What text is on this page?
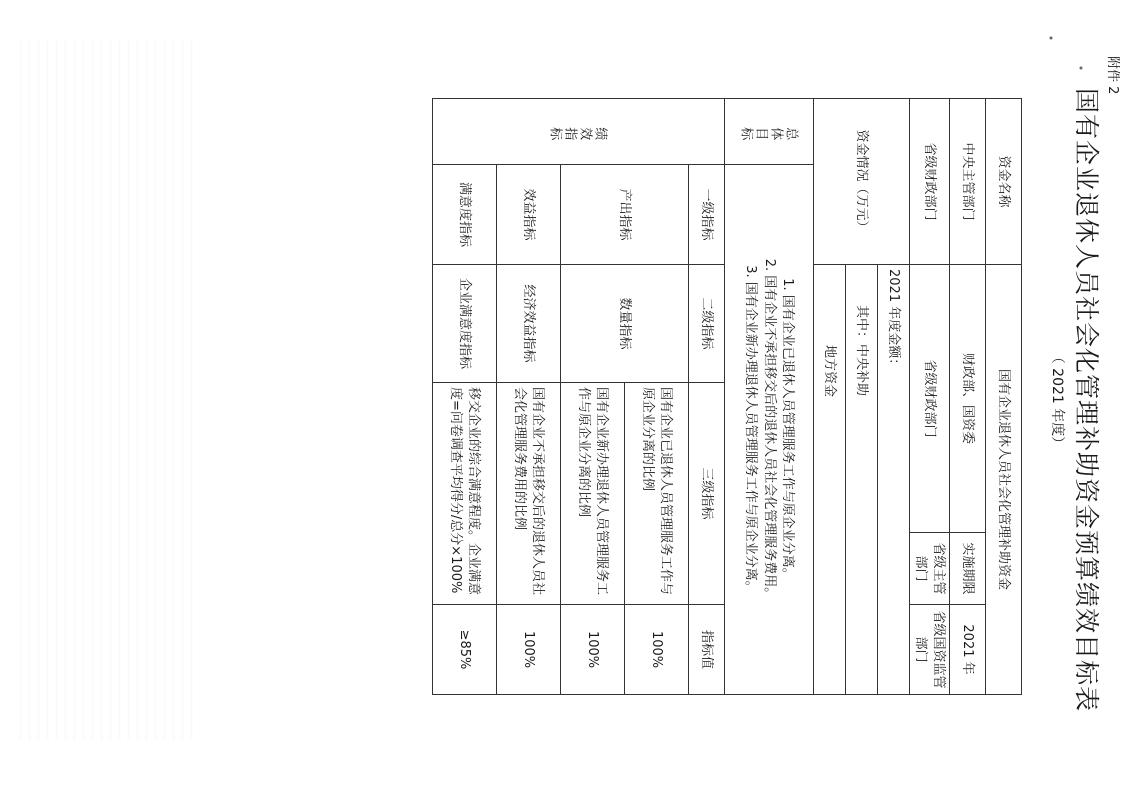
附件 2
国有企业退休人员社会化管理补助资金预算绩效目标表
（ 2021 年度）
资金名称		国有企业退休人员社会化管理补助资金			
中央主管部门		财政部、国资委		实施期限	2021 年
省级财政部门		省级财政部门		省级主管部门	省级国资监管部门
资金情况（万元）		2021 年度金额：			
		其中：中央补助			
		地方资金			

总体目标	1. 国有企业已退休人员管理服务工作与原企业分离。
2. 国有企业不承担移交后的退休人员社会化管理服务费用。
3. 国有企业新办理退休人员管理服务工作与原企业分离。				

绩效指标	一级指标	二级指标	三级指标		指标值
	产出指标	数量指标	国有企业已退休人员管理服务工作与原企业分离的比例		100%
			国有企业新办理退休人员管理服务工作与原企业分离的比例		100%
	效益指标	经济效益指标	国有企业不承担移交后的退休人员社会化管理服务费用的比例		100%
	满意度指标	企业满意度指标	移交企业的综合满意程度。企业满意度=问卷调查平均得分/总分×100%		≥85%
